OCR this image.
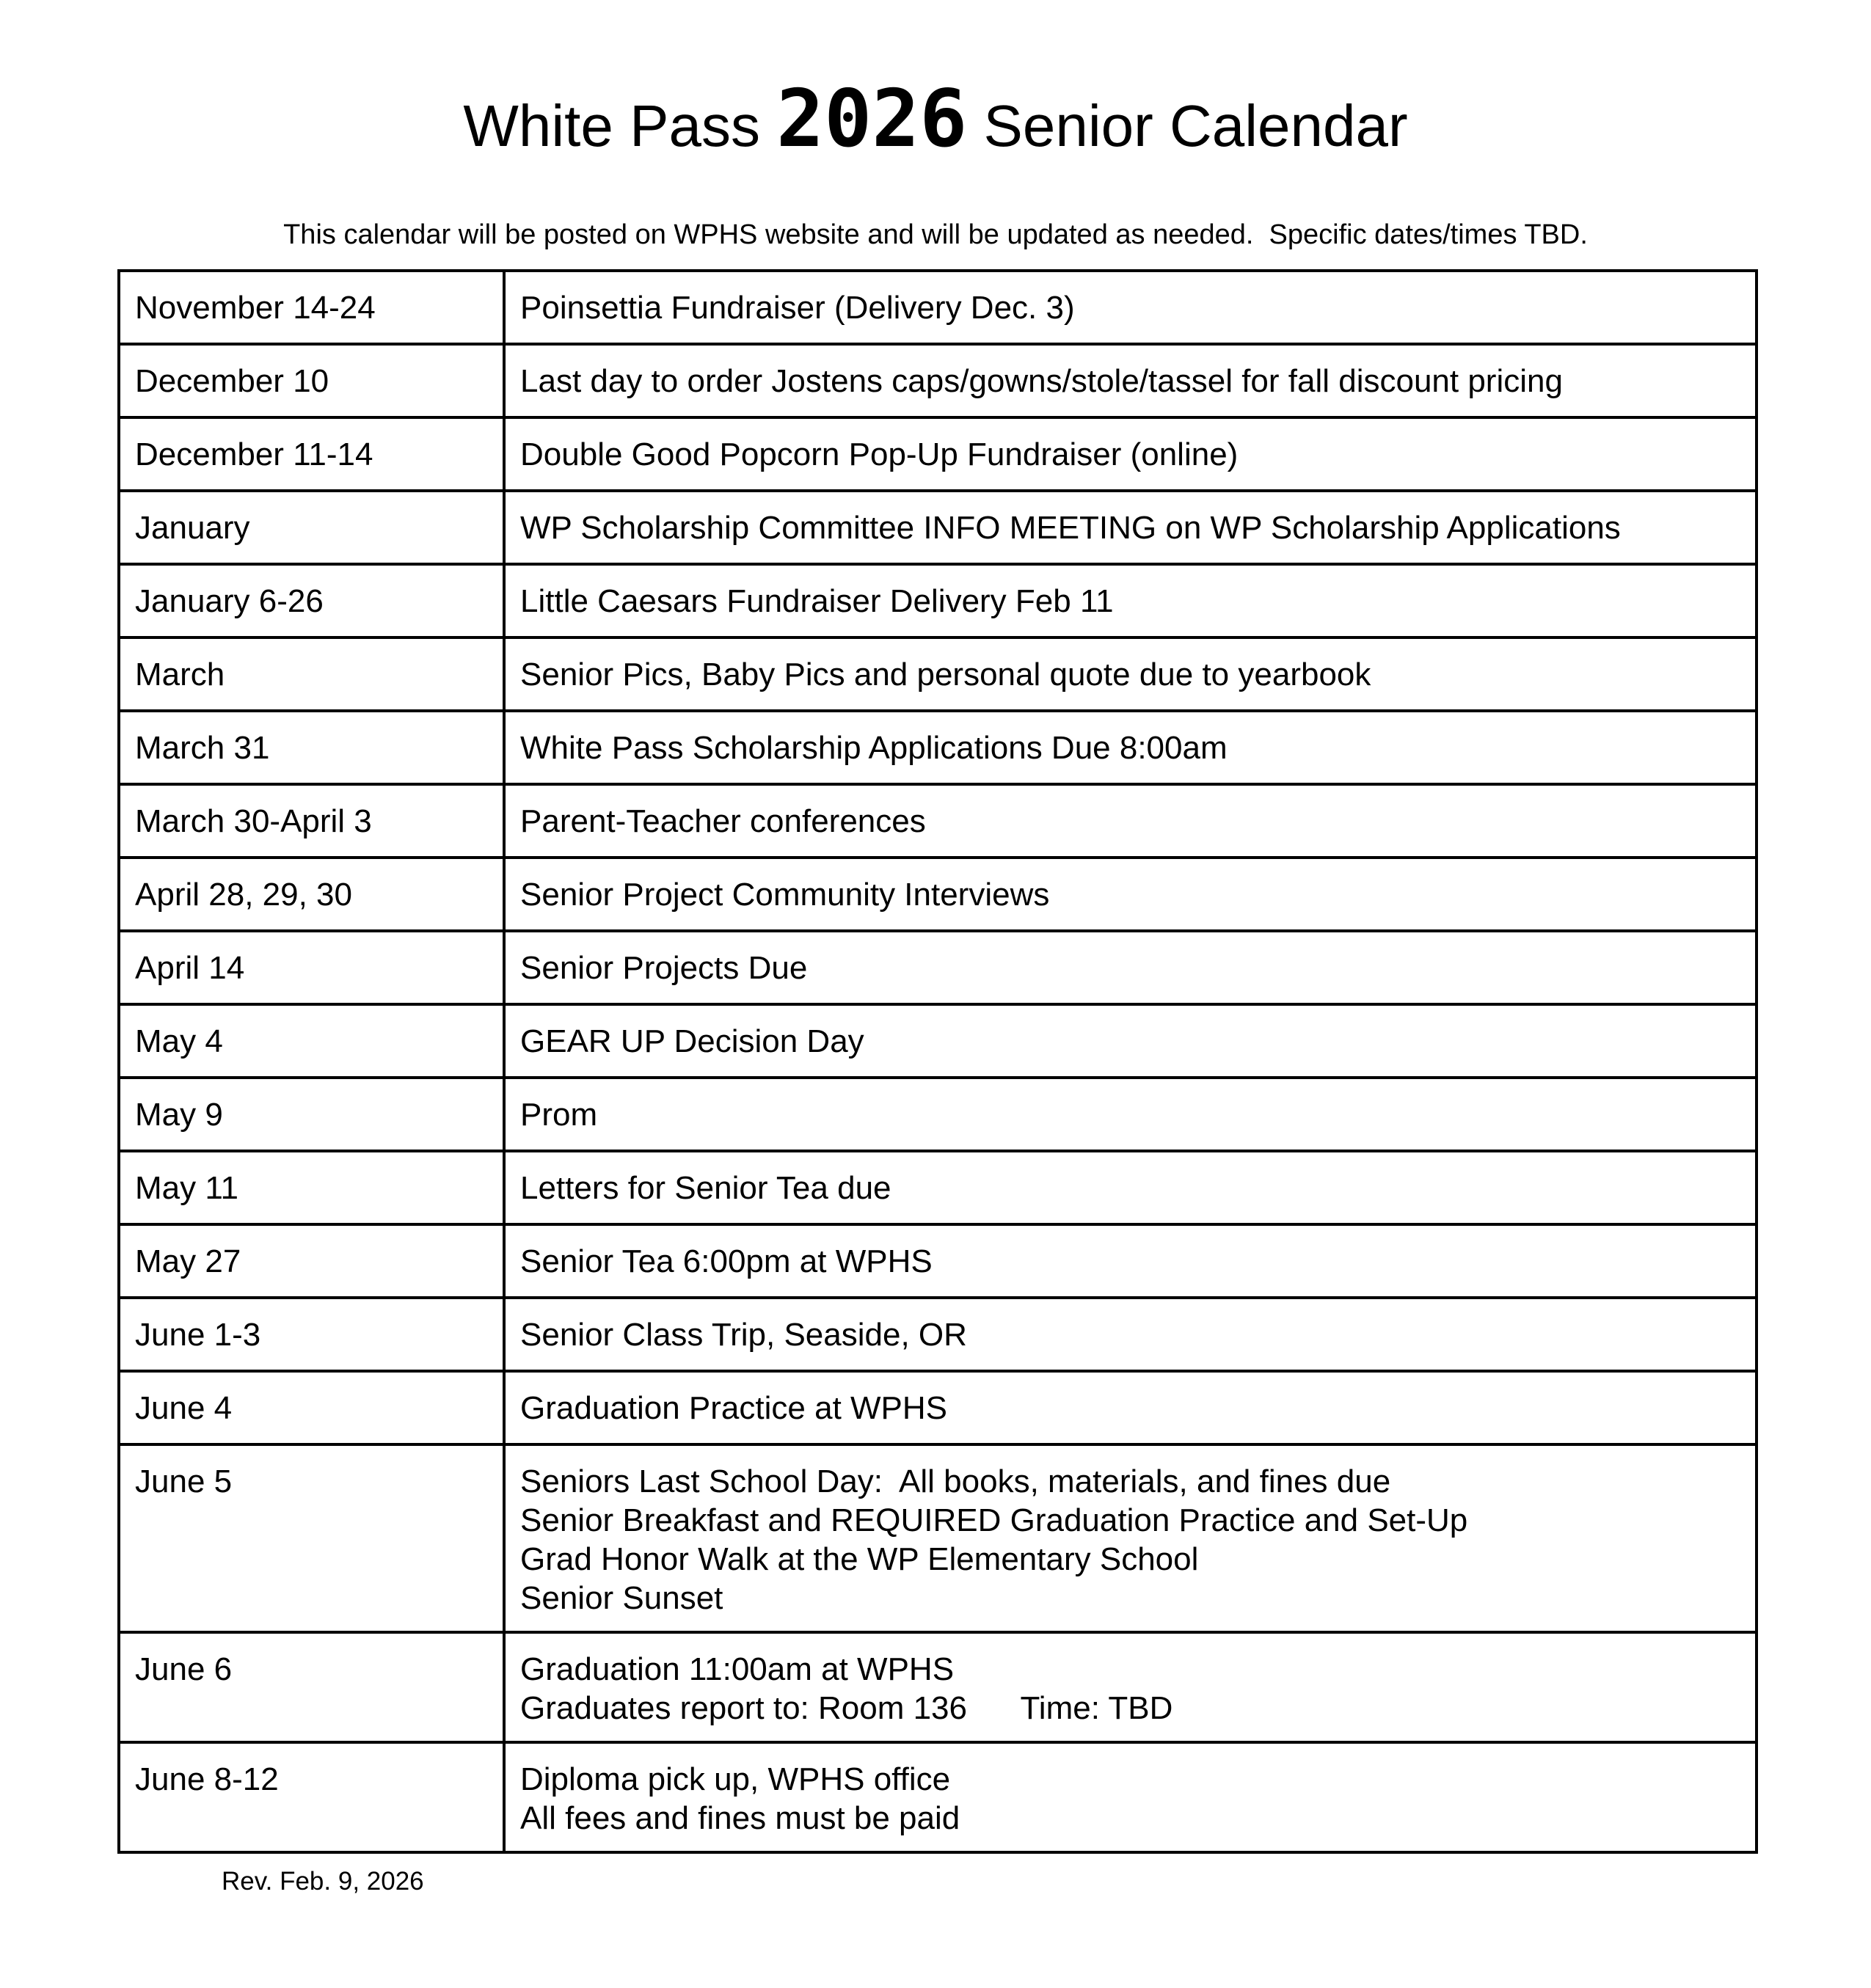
White Pass 2026 Senior Calendar
This calendar will be posted on WPHS website and will be updated as needed.  Specific dates/times TBD.
November 14-24	Poinsettia Fundraiser (Delivery Dec. 3)

December 10	Last day to order Jostens caps/gowns/stole/tassel for fall discount pricing

December 11-14	Double Good Popcorn Pop-Up Fundraiser (online)

January	WP Scholarship Committee INFO MEETING on WP Scholarship Applications

January 6-26	Little Caesars Fundraiser Delivery Feb 11

March	Senior Pics, Baby Pics and personal quote due to yearbook

March 31	White Pass Scholarship Applications Due 8:00am

March 30-April 3	Parent-Teacher conferences

April 28, 29, 30	Senior Project Community Interviews

April 14	Senior Projects Due

May 4	GEAR UP Decision Day

May 9	Prom

May 11	Letters for Senior Tea due

May 27	Senior Tea 6:00pm at WPHS

June 1-3	Senior Class Trip, Seaside, OR

June 4	Graduation Practice at WPHS

June 5	Seniors Last School Day:  All books, materials, and fines due
Senior Breakfast and REQUIRED Graduation Practice and Set-Up
Grad Honor Walk at the WP Elementary School
Senior Sunset

June 6	Graduation 11:00am at WPHS
Graduates report to: Room 136      Time: TBD

June 8-12	Diploma pick up, WPHS office
All fees and fines must be paid
Rev. Feb. 9, 2026
